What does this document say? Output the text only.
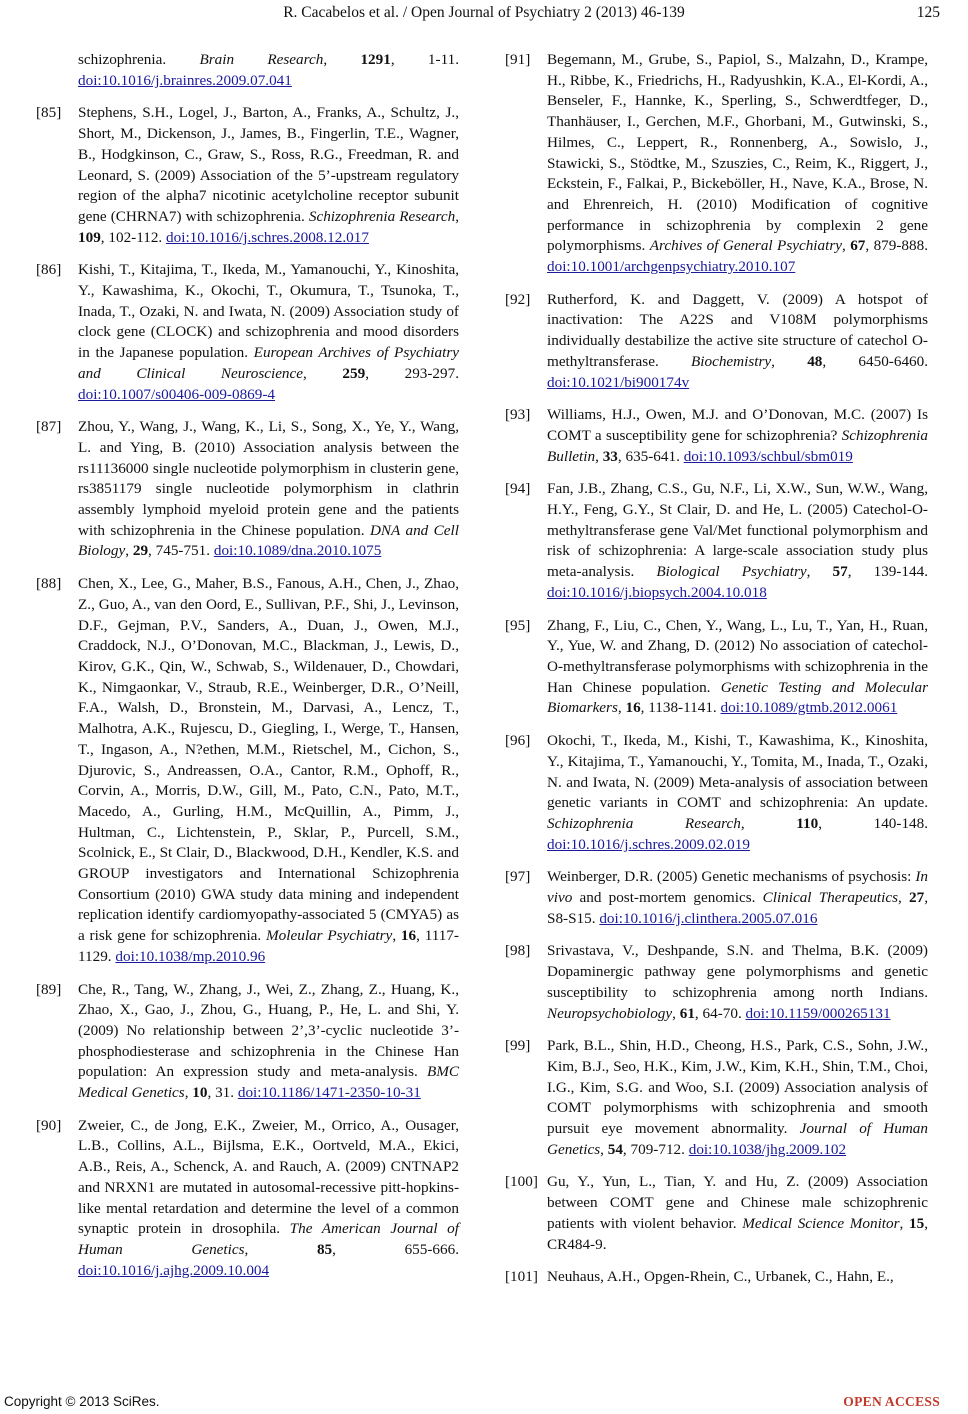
R. Cacabelos et al. / Open Journal of Psychiatry 2 (2013) 46-139	125
schizophrenia. Brain Research, 1291, 1-11. doi:10.1016/j.brainres.2009.07.041
[85] Stephens, S.H., Logel, J., Barton, A., Franks, A., Schultz, J., Short, M., Dickenson, J., James, B., Fingerlin, T.E., Wagner, B., Hodgkinson, C., Graw, S., Ross, R.G., Freedman, R. and Leonard, S. (2009) Association of the 5’-upstream regulatory region of the alpha7 nicotinic acetylcholine receptor subunit gene (CHRNA7) with schizophrenia. Schizophrenia Research, 109, 102-112. doi:10.1016/j.schres.2008.12.017
[86] Kishi, T., Kitajima, T., Ikeda, M., Yamanouchi, Y., Kinoshita, Y., Kawashima, K., Okochi, T., Okumura, T., Tsunoka, T., Inada, T., Ozaki, N. and Iwata, N. (2009) Association study of clock gene (CLOCK) and schizophrenia and mood disorders in the Japanese population. European Archives of Psychiatry and Clinical Neuroscience, 259, 293-297. doi:10.1007/s00406-009-0869-4
[87] Zhou, Y., Wang, J., Wang, K., Li, S., Song, X., Ye, Y., Wang, L. and Ying, B. (2010) Association analysis between the rs11136000 single nucleotide polymorphism in clusterin gene, rs3851179 single nucleotide polymorphism in clathrin assembly lymphoid myeloid protein gene and the patients with schizophrenia in the Chinese population. DNA and Cell Biology, 29, 745-751. doi:10.1089/dna.2010.1075
[88] Chen, X., Lee, G., Maher, B.S., Fanous, A.H., Chen, J., Zhao, Z., Guo, A., van den Oord, E., Sullivan, P.F., Shi, J., Levinson, D.F., Gejman, P.V., Sanders, A., Duan, J., Owen, M.J., Craddock, N.J., O’Donovan, M.C., Blackman, J., Lewis, D., Kirov, G.K., Qin, W., Schwab, S., Wildenauer, D., Chowdari, K., Nimgaonkar, V., Straub, R.E., Weinberger, D.R., O’Neill, F.A., Walsh, D., Bronstein, M., Darvasi, A., Lencz, T., Malhotra, A.K., Rujescu, D., Giegling, I., Werge, T., Hansen, T., Ingason, A., N?ethen, M.M., Rietschel, M., Cichon, S., Djurovic, S., Andreassen, O.A., Cantor, R.M., Ophoff, R., Corvin, A., Morris, D.W., Gill, M., Pato, C.N., Pato, M.T., Macedo, A., Gurling, H.M., McQuillin, A., Pimm, J., Hultman, C., Lichtenstein, P., Sklar, P., Purcell, S.M., Scolnick, E., St Clair, D., Blackwood, D.H., Kendler, K.S. and GROUP investigators and International Schizophrenia Consortium (2010) GWA study data mining and independent replication identify cardiomyopathy-associated 5 (CMYA5) as a risk gene for schizophrenia. Moleular Psychiatry, 16, 1117-1129. doi:10.1038/mp.2010.96
[89] Che, R., Tang, W., Zhang, J., Wei, Z., Zhang, Z., Huang, K., Zhao, X., Gao, J., Zhou, G., Huang, P., He, L. and Shi, Y. (2009) No relationship between 2’,3’-cyclic nucleotide 3’-phosphodiesterase and schizophrenia in the Chinese Han population: An expression study and meta-analysis. BMC Medical Genetics, 10, 31. doi:10.1186/1471-2350-10-31
[90] Zweier, C., de Jong, E.K., Zweier, M., Orrico, A., Ousager, L.B., Collins, A.L., Bijlsma, E.K., Oortveld, M.A., Ekici, A.B., Reis, A., Schenck, A. and Rauch, A. (2009) CNTNAP2 and NRXN1 are mutated in autosomal-recessive pitt-hopkins-like mental retardation and determine the level of a common synaptic protein in drosophila. The American Journal of Human Genetics, 85, 655-666. doi:10.1016/j.ajhg.2009.10.004
[91] Begemann, M., Grube, S., Papiol, S., Malzahn, D., Krampe, H., Ribbe, K., Friedrichs, H., Radyushkin, K.A., El-Kordi, A., Benseler, F., Hannke, K., Sperling, S., Schwerdtfeger, D., Thanhäuser, I., Gerchen, M.F., Ghorbani, M., Gutwinski, S., Hilmes, C., Leppert, R., Ronnenberg, A., Sowislo, J., Stawicki, S., Stödtke, M., Szuszies, C., Reim, K., Riggert, J., Eckstein, F., Falkai, P., Bickeböller, H., Nave, K.A., Brose, N. and Ehrenreich, H. (2010) Modification of cognitive performance in schizophrenia by complexin 2 gene polymorphisms. Archives of General Psychiatry, 67, 879-888. doi:10.1001/archgenpsychiatry.2010.107
[92] Rutherford, K. and Daggett, V. (2009) A hotspot of inactivation: The A22S and V108M polymorphisms individually destabilize the active site structure of catechol O-methyltransferase. Biochemistry, 48, 6450-6460. doi:10.1021/bi900174v
[93] Williams, H.J., Owen, M.J. and O’Donovan, M.C. (2007) Is COMT a susceptibility gene for schizophrenia? Schizophrenia Bulletin, 33, 635-641. doi:10.1093/schbul/sbm019
[94] Fan, J.B., Zhang, C.S., Gu, N.F., Li, X.W., Sun, W.W., Wang, H.Y., Feng, G.Y., St Clair, D. and He, L. (2005) Catechol-O-methyltransferase gene Val/Met functional polymorphism and risk of schizophrenia: A large-scale association study plus meta-analysis. Biological Psychiatry, 57, 139-144. doi:10.1016/j.biopsych.2004.10.018
[95] Zhang, F., Liu, C., Chen, Y., Wang, L., Lu, T., Yan, H., Ruan, Y., Yue, W. and Zhang, D. (2012) No association of catechol-O-methyltransferase polymorphisms with schizophrenia in the Han Chinese population. Genetic Testing and Molecular Biomarkers, 16, 1138-1141. doi:10.1089/gtmb.2012.0061
[96] Okochi, T., Ikeda, M., Kishi, T., Kawashima, K., Kinoshita, Y., Kitajima, T., Yamanouchi, Y., Tomita, M., Inada, T., Ozaki, N. and Iwata, N. (2009) Meta-analysis of association between genetic variants in COMT and schizophrenia: An update. Schizophrenia Research, 110, 140-148. doi:10.1016/j.schres.2009.02.019
[97] Weinberger, D.R. (2005) Genetic mechanisms of psychosis: In vivo and post-mortem genomics. Clinical Therapeutics, 27, S8-S15. doi:10.1016/j.clinthera.2005.07.016
[98] Srivastava, V., Deshpande, S.N. and Thelma, B.K. (2009) Dopaminergic pathway gene polymorphisms and genetic susceptibility to schizophrenia among north Indians. Neuropsychobiology, 61, 64-70. doi:10.1159/000265131
[99] Park, B.L., Shin, H.D., Cheong, H.S., Park, C.S., Sohn, J.W., Kim, B.J., Seo, H.K., Kim, J.W., Kim, K.H., Shin, T.M., Choi, I.G., Kim, S.G. and Woo, S.I. (2009) Association analysis of COMT polymorphisms with schizophrenia and smooth pursuit eye movement abnormality. Journal of Human Genetics, 54, 709-712. doi:10.1038/jhg.2009.102
[100] Gu, Y., Yun, L., Tian, Y. and Hu, Z. (2009) Association between COMT gene and Chinese male schizophrenic patients with violent behavior. Medical Science Monitor, 15, CR484-9.
[101] Neuhaus, A.H., Opgen-Rhein, C., Urbanek, C., Hahn, E.,
Copyright © 2013 SciRes.	OPEN ACCESS
